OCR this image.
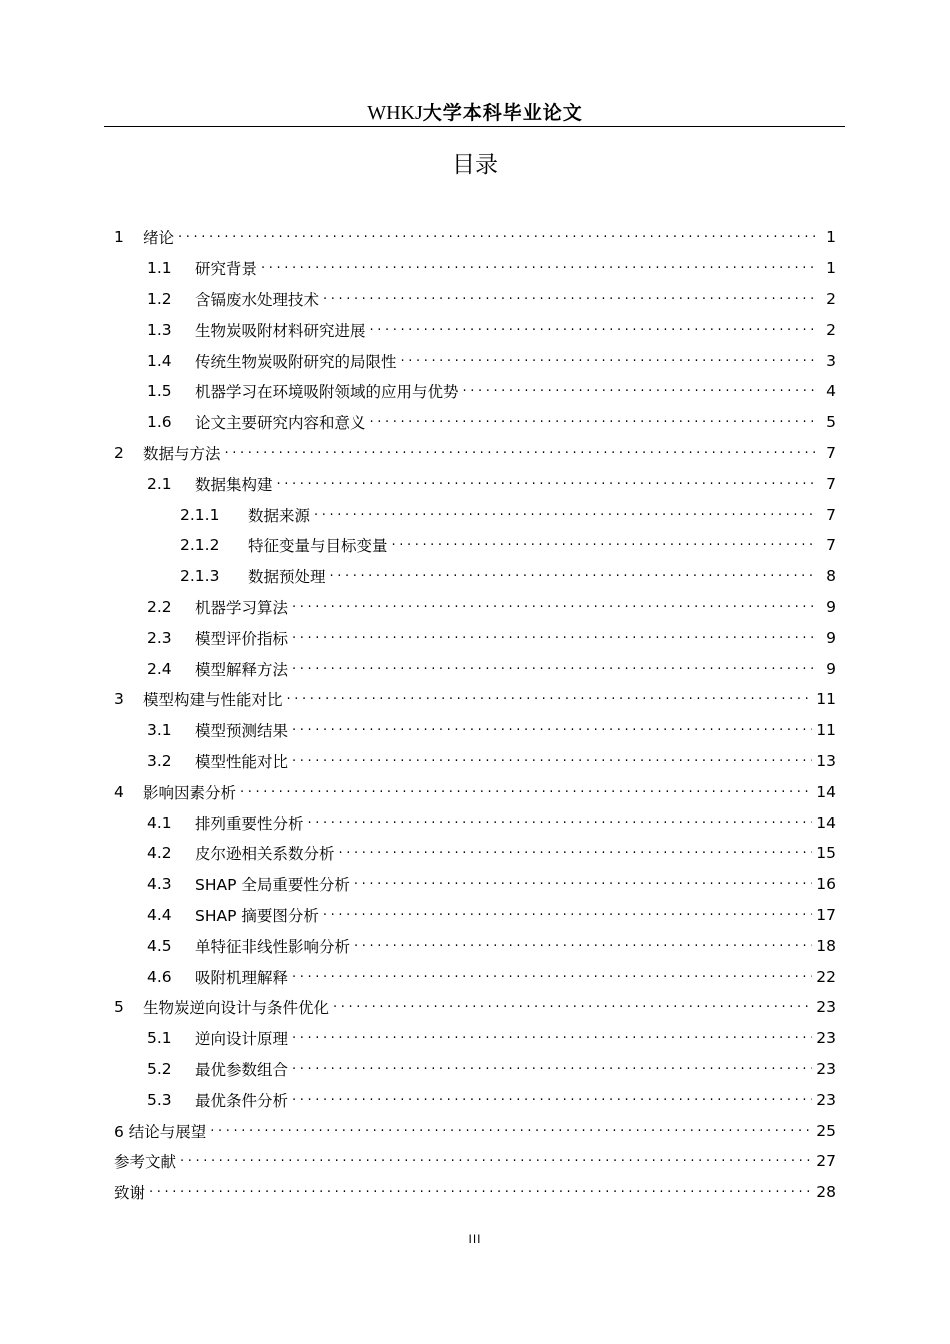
WHKJ大学本科毕业论文
目录
1	绪论 .....	1
1.1	研究背景 .....	1
1.2	含镉废水处理技术 .....	2
1.3	生物炭吸附材料研究进展 .....	2
1.4	传统生物炭吸附研究的局限性 .....	3
1.5	机器学习在环境吸附领域的应用与优势 .....	4
1.6	论文主要研究内容和意义 .....	5
2	数据与方法 .....	7
2.1	数据集构建 .....	7
2.1.1	数据来源 .....	7
2.1.2	特征变量与目标变量 .....	7
2.1.3	数据预处理 .....	8
2.2	机器学习算法 .....	9
2.3	模型评价指标 .....	9
2.4	模型解释方法 .....	9
3	模型构建与性能对比 .....	11
3.1	模型预测结果 .....	11
3.2	模型性能对比 .....	13
4	影响因素分析 .....	14
4.1	排列重要性分析 .....	14
4.2	皮尔逊相关系数分析 .....	15
4.3	SHAP 全局重要性分析 .....	16
4.4	SHAP 摘要图分析 .....	17
4.5	单特征非线性影响分析 .....	18
4.6	吸附机理解释 .....	22
5	生物炭逆向设计与条件优化 .....	23
5.1	逆向设计原理 .....	23
5.2	最优参数组合 .....	23
5.3	最优条件分析 .....	23
6 结论与展望 .....	25
参考文献 .....	27
致谢 .....	28
III
